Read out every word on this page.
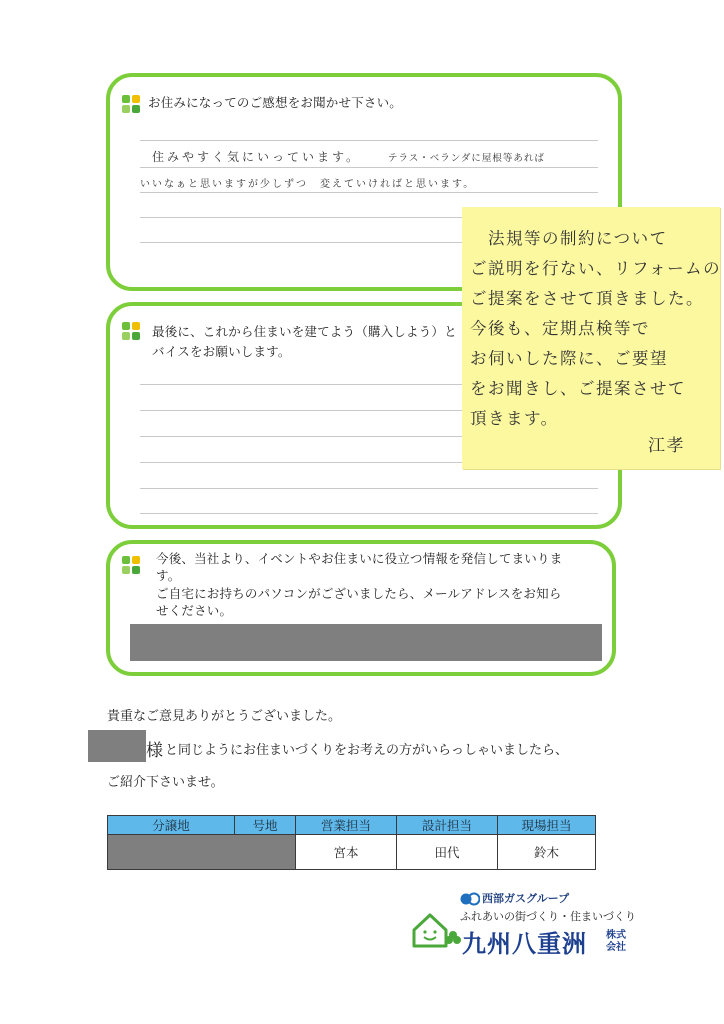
お住みになってのご感想をお聞かせ下さい。
住みやすく気にいっています。	テラス・ベランダに屋根等あれば
いいなぁと思いますが少しずつ　変えていければと思います。
最後に、これから住まいを建てよう（購入しよう）と
バイスをお願いします。
今後、当社より、イベントやお住まいに役立つ情報を発信してまいりま
す。
ご自宅にお持ちのパソコンがございましたら、メールアドレスをお知ら
せください。
法規等の制約について
ご説明を行ない、リフォームの
ご提案をさせて頂きました。
今後も、定期点検等で
お伺いした際に、ご要望
をお聞きし、ご提案させて
頂きます。
江孝
貴重なご意見ありがとうございました。
様 と同じようにお住まいづくりをお考えの方がいらっしゃいましたら、
ご紹介下さいませ。
分譲地	号地	営業担当	設計担当	現場担当
		宮本	田代	鈴木
西部ガスグループ
ふれあいの街づくり・住まいづくり
九州八重洲 株式
会社
